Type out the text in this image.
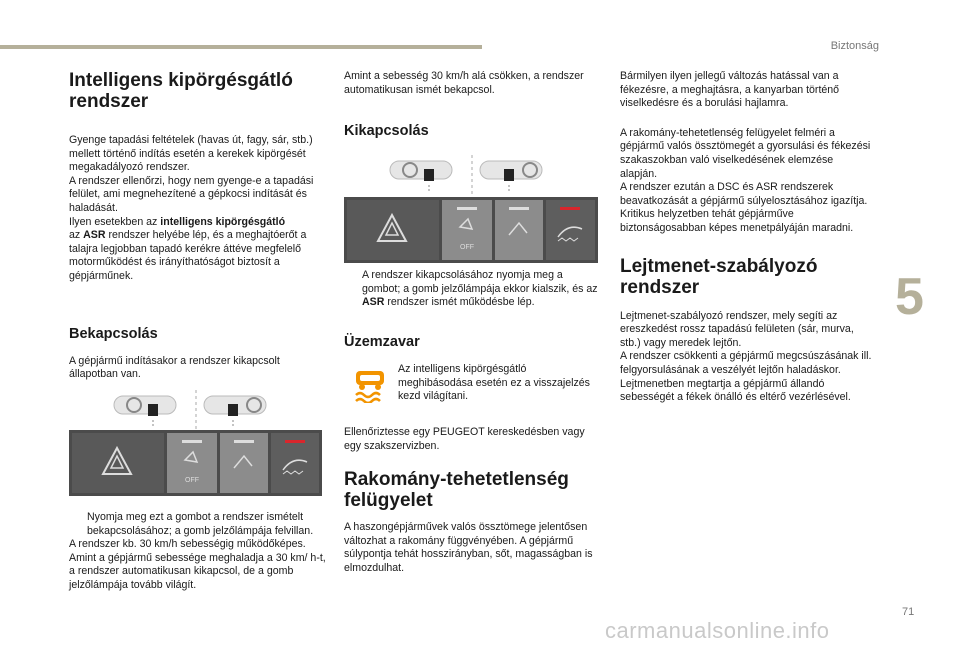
Biztonság
5
71
carmanualsonline.info
Intelligens kipörgésgátló rendszer

Gyenge tapadási feltételek (havas út, fagy, sár, stb.) mellett történő indítás esetén a kerekek kipörgését megakadályozó rendszer.

A rendszer ellenőrzi, hogy nem gyenge-e a tapadási felület, ami megnehezítené a gépkocsi indítását és haladását.

Ilyen esetekben az intelligens kipörgésgátló
az ASR rendszer helyébe lép, és a meghajtóerőt a talajra legjobban tapadó kerékre áttéve megfelelő motorműködést és irányíthatóságot biztosít a gépjárműnek.

Bekapcsolás

A gépjármű indításakor a rendszer kikapcsolt állapotban van.

OFF

Nyomja meg ezt a gombot a rendszer ismételt bekapcsolásához; a gomb jelzőlámpája felvillan.

A rendszer kb. 30 km/h sebességig működőképes.

Amint a gépjármű sebessége meghaladja a 30 km/ h-t, a rendszer automatikusan kikapcsol, de a gomb jelzőlámpája tovább világít.

Amint a sebesség 30 km/h alá csökken, a rendszer automatikusan ismét bekapcsol.

Kikapcsolás
OFF

A rendszer kikapcsolásához nyomja meg a gombot; a gomb jelzőlámpája ekkor kialszik, és az ASR rendszer ismét működésbe lép.

Üzemzavar

Az intelligens kipörgésgátló meghibásodása esetén ez a visszajelzés kezd világítani.

Ellenőriztesse egy PEUGEOT kereskedésben vagy egy szakszervizben.

Rakomány-tehetetlenség felügyelet

A haszongépjárművek valós össztömege jelentősen változhat a rakomány függvényében. A gépjármű súlypontja tehát hosszirányban, sőt, magasságban is elmozdulhat.

Bármilyen ilyen jellegű változás hatással van a fékezésre, a meghajtásra, a kanyarban történő viselkedésre és a borulási hajlamra.

A rakomány-tehetetlenség felügyelet felméri a gépjármű valós össztömegét a gyorsulási és fékezési szakaszokban való viselkedésének elemzése alapján.

A rendszer ezután a DSC és ASR rendszerek beavatkozását a gépjármű súlyelosztásához igazítja. Kritikus helyzetben tehát gépjárműve biztonságosabban képes menetpályáján maradni.

Lejtmenet-szabályozó rendszer

Lejtmenet-szabályozó rendszer, mely segíti az ereszkedést rossz tapadású felületen (sár, murva, stb.) vagy meredek lejtőn.

A rendszer csökkenti a gépjármű megcsúszásának ill. felgyorsulásának a veszélyét lejtőn haladáskor. Lejtmenetben megtartja a gépjármű állandó sebességét a fékek önálló és eltérő vezérlésével.
